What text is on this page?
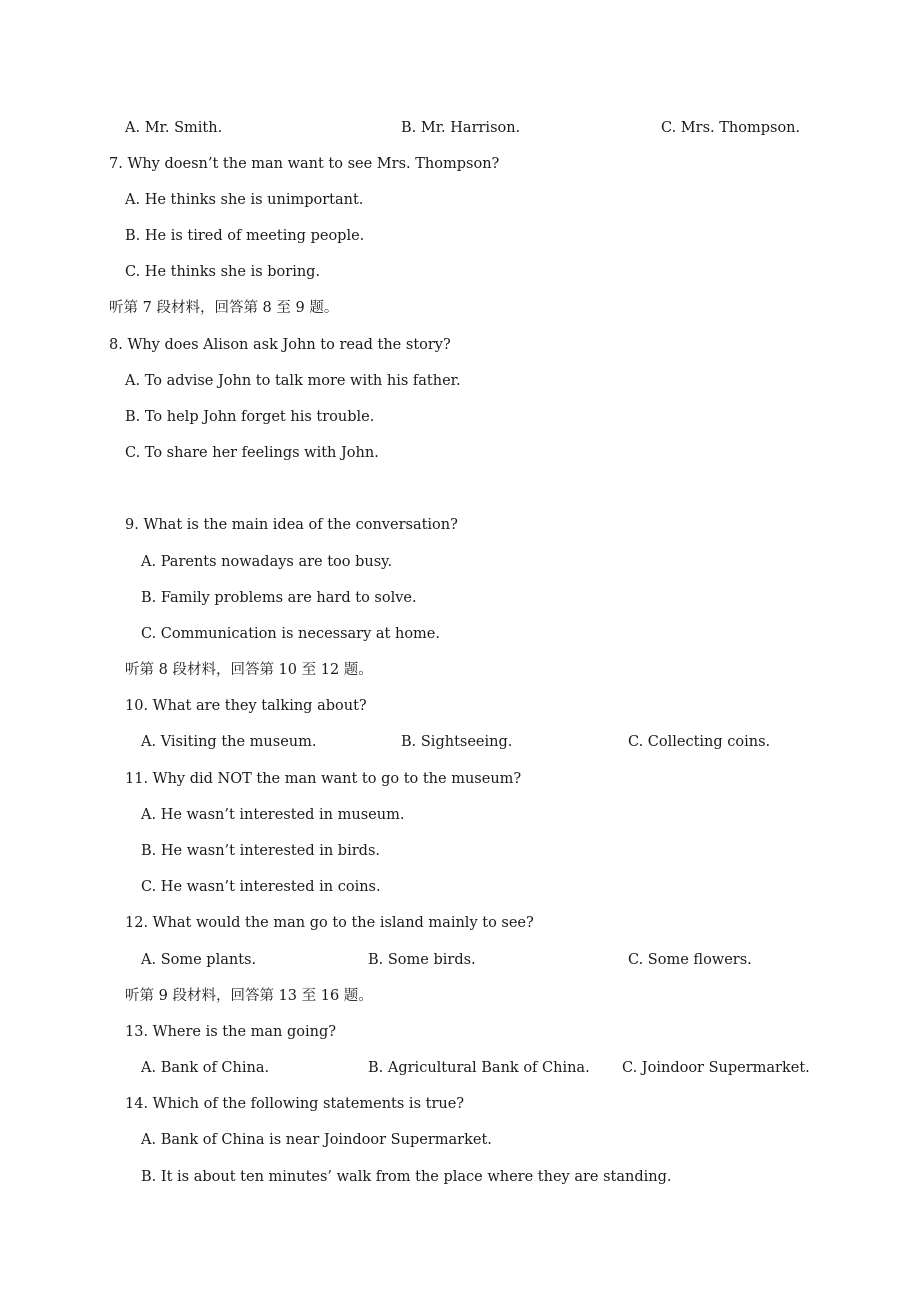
A. Mr. Smith.	B. Mr. Harrison.	C. Mrs. Thompson.
7. Why doesn’t the man want to see Mrs. Thompson?
A. He thinks she is unimportant.
B. He is tired of meeting people.
C. He thinks she is boring.
听第 7 段材料，回答第 8 至 9 题。
8. Why does Alison ask John to read the story?
A. To advise John to talk more with his father.
B. To help John forget his trouble.
C. To share her feelings with John.
9. What is the main idea of the conversation?
A. Parents nowadays are too busy.
B. Family problems are hard to solve.
C. Communication is necessary at home.
听第 8 段材料，回答第 10 至 12 题。
10. What are they talking about?
A. Visiting the museum.	B. Sightseeing.	C. Collecting coins.
11. Why did NOT the man want to go to the museum?
A. He wasn’t interested in museum.
B. He wasn’t interested in birds.
C. He wasn’t interested in coins.
12. What would the man go to the island mainly to see?
A. Some plants.	B. Some birds.	C. Some flowers.
听第 9 段材料，回答第 13 至 16 题。
13. Where is the man going?
A. Bank of China.	B. Agricultural Bank of China. C. Joindoor Supermarket.
14. Which of the following statements is true?
A. Bank of China is near Joindoor Supermarket.
B. It is about ten minutes’ walk from the place where they are standing.
